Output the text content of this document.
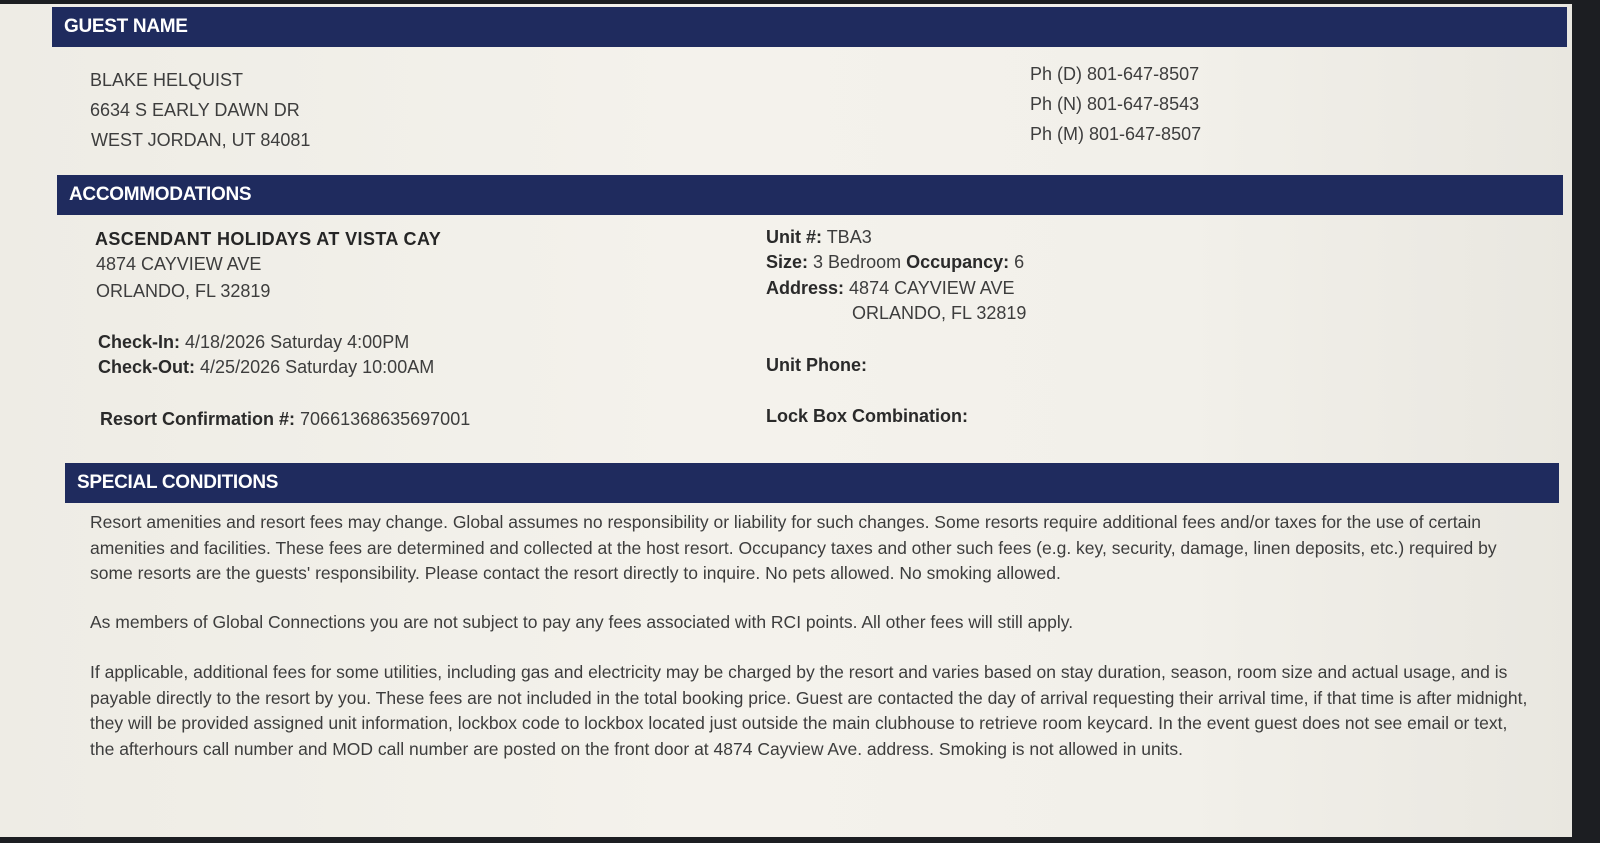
GUEST NAME
BLAKE HELQUIST
6634 S EARLY DAWN DR
WEST JORDAN, UT 84081
Ph (D) 801-647-8507
Ph (N) 801-647-8543
Ph (M) 801-647-8507
ACCOMMODATIONS
ASCENDANT HOLIDAYS AT VISTA CAY
4874 CAYVIEW AVE
ORLANDO, FL 32819
Check-In: 4/18/2026 Saturday 4:00PM
Check-Out: 4/25/2026 Saturday 10:00AM
Resort Confirmation #: 70661368635697001
Unit #: TBA3
Size: 3 Bedroom Occupancy: 6
Address: 4874 CAYVIEW AVE
ORLANDO, FL 32819
Unit Phone:
Lock Box Combination:
SPECIAL CONDITIONS
Resort amenities and resort fees may change. Global assumes no responsibility or liability for such changes. Some resorts require additional fees and/or taxes for the use of certain amenities and facilities. These fees are determined and collected at the host resort. Occupancy taxes and other such fees (e.g. key, security, damage, linen deposits, etc.) required by some resorts are the guests' responsibility. Please contact the resort directly to inquire. No pets allowed. No smoking allowed.
As members of Global Connections you are not subject to pay any fees associated with RCI points. All other fees will still apply.
If applicable, additional fees for some utilities, including gas and electricity may be charged by the resort and varies based on stay duration, season, room size and actual usage, and is payable directly to the resort by you. These fees are not included in the total booking price. Guest are contacted the day of arrival requesting their arrival time, if that time is after midnight, they will be provided assigned unit information, lockbox code to lockbox located just outside the main clubhouse to retrieve room keycard. In the event guest does not see email or text, the afterhours call number and MOD call number are posted on the front door at 4874 Cayview Ave. address. Smoking is not allowed in units.
